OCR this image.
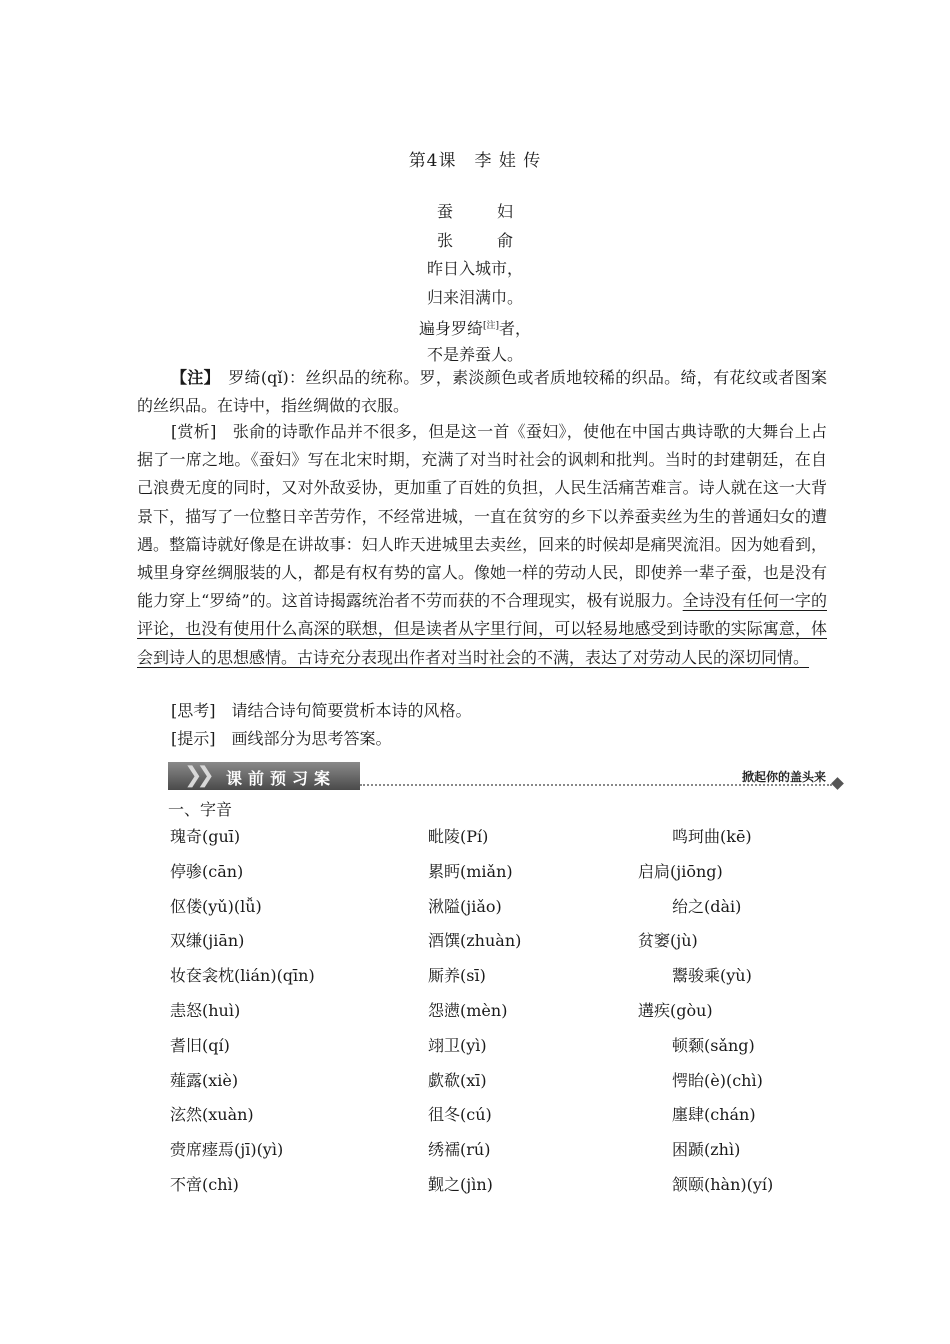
第4课　李 娃 传
蚕　妇
张　俞
昨日入城市，
归来泪满巾。
遍身罗绮[注]者，
不是养蚕人。
【注】　罗绮(qǐ)：丝织品的统称。罗，素淡颜色或者质地较稀的织品。绮，有花纹或者图案的丝织品。在诗中，指丝绸做的衣服。
[赏析]　张俞的诗歌作品并不很多，但是这一首《蚕妇》，使他在中国古典诗歌的大舞台上占据了一席之地。《蚕妇》写在北宋时期，充满了对当时社会的讽刺和批判。当时的封建朝廷，在自己浪费无度的同时，又对外敌妥协，更加重了百姓的负担，人民生活痛苦难言。诗人就在这一大背景下，描写了一位整日辛苦劳作，不经常进城，一直在贫穷的乡下以养蚕卖丝为生的普通妇女的遭遇。整篇诗就好像是在讲故事：妇人昨天进城里去卖丝，回来的时候却是痛哭流泪。因为她看到，城里身穿丝绸服装的人，都是有权有势的富人。像她一样的劳动人民，即使养一辈子蚕，也是没有能力穿上“罗绮”的。这首诗揭露统治者不劳而获的不合理现实，极有说服力。全诗没有任何一字的评论，也没有使用什么高深的联想，但是读者从字里行间，可以轻易地感受到诗歌的实际寓意，体会到诗人的思想感情。古诗充分表现出作者对当时社会的不满，表达了对劳动人民的深切同情。
[思考]　请结合诗句简要赏析本诗的风格。
[提示]　画线部分为思考答案。
❯❯ 课前预习案	掀起你的盖头来
一、字音
瑰奇(guī)	毗陵(Pí)	鸣珂曲(kē)
停骖(cān)	累眄(miǎn)	启扃(jiōng)
伛偻(yǔ)(lǚ)	湫隘(jiǎo)	绐之(dài)
双缣(jiān)	酒馔(zhuàn)	贫窭(jù)
妆奁衾枕(lián)(qīn)	厮养(sī)	鬻骏乘(yù)
恚怒(huì)	怨懑(mèn)	遘疾(gòu)
耆旧(qí)	翊卫(yì)	顿颡(sǎng)
薤露(xiè)	歔欷(xī)	愕眙(è)(chì)
泫然(xuàn)	徂冬(cú)	廛肆(chán)
赍席瘗焉(jī)(yì)	绣襦(rú)	困踬(zhì)
不啻(chì)	觐之(jìn)	颔颐(hàn)(yí)
